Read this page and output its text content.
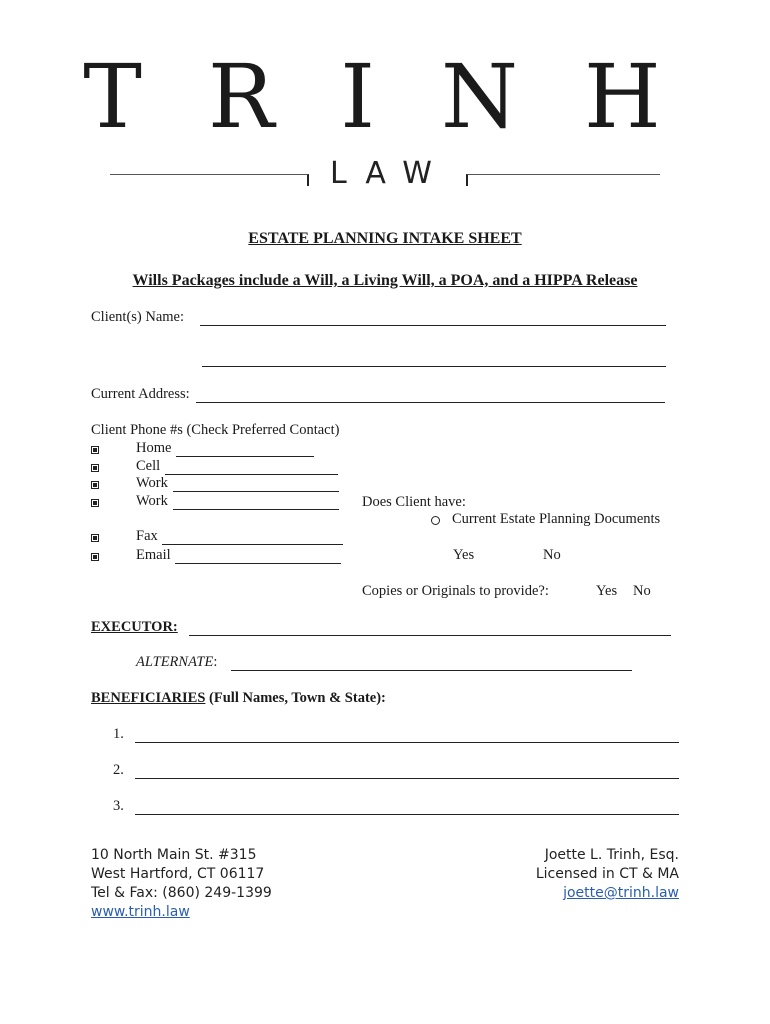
TRINH
LAW
ESTATE PLANNING INTAKE SHEET
Wills Packages include a Will, a Living Will, a POA, and a HIPPA Release
Client(s) Name:
Current Address:
Client Phone #s (Check Preferred Contact)
Home
Cell
Work
Work
Fax
Email
Does Client have:
Current Estate Planning Documents
Yes	No
Copies or Originals to provide?:	Yes No
EXECUTOR:
ALTERNATE:
BENEFICIARIES (Full Names, Town & State):
1.
2.
3.
10 North Main St. #315
West Hartford, CT 06117
Tel & Fax: (860) 249-1399
www.trinh.law
Joette L. Trinh, Esq.
Licensed in CT & MA
joette@trinh.law
